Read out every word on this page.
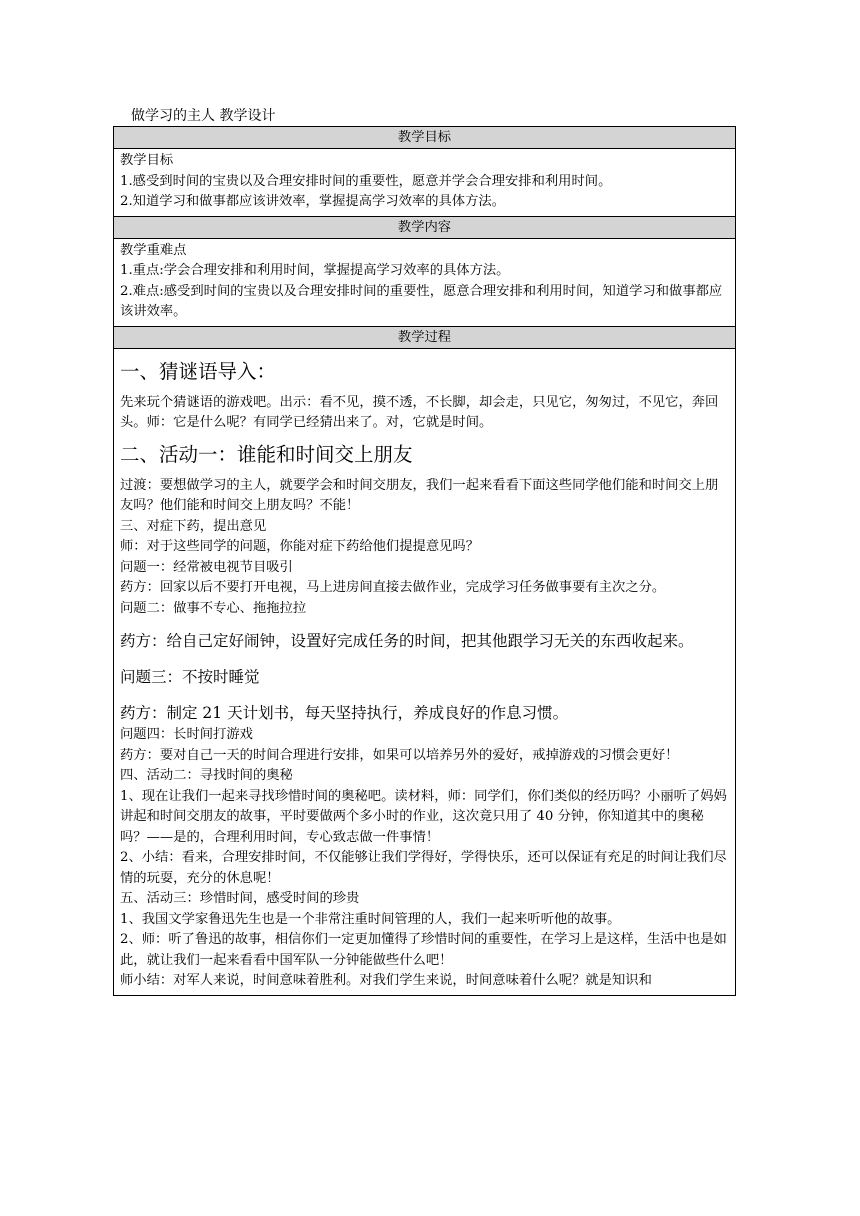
做学习的主人 教学设计
教学目标

教学目标

1.感受到时间的宝贵以及合理安排时间的重要性，愿意并学会合理安排和利用时间。

2.知道学习和做事都应该讲效率，掌握提高学习效率的具体方法。

教学内容

教学重难点

1.重点:学会合理安排和利用时间，掌握提高学习效率的具体方法。

2.难点:感受到时间的宝贵以及合理安排时间的重要性，愿意合理安排和利用时间，知道学习和做事都应该讲效率。

教学过程

一、猜谜语导入：

先来玩个猜谜语的游戏吧。出示：看不见，摸不透，不长脚，却会走，只见它，匆匆过，不见它，奔回头。师：它是什么呢？有同学已经猜出来了。对，它就是时间。

二、活动一：谁能和时间交上朋友

过渡：要想做学习的主人，就要学会和时间交朋友，我们一起来看看下面这些同学他们能和时间交上朋友吗？他们能和时间交上朋友吗？不能！

三、对症下药，提出意见

师：对于这些同学的问题，你能对症下药给他们提提意见吗？

问题一：经常被电视节目吸引

药方：回家以后不要打开电视，马上进房间直接去做作业，完成学习任务做事要有主次之分。

问题二：做事不专心、拖拖拉拉

药方：给自己定好闹钟，设置好完成任务的时间，把其他跟学习无关的东西收起来。

问题三：不按时睡觉

药方：制定 21 天计划书，每天坚持执行，养成良好的作息习惯。

问题四：长时间打游戏

药方：要对自己一天的时间合理进行安排，如果可以培养另外的爱好，戒掉游戏的习惯会更好！

四、活动二：寻找时间的奥秘

1、现在让我们一起来寻找珍惜时间的奥秘吧。读材料，师：同学们，你们类似的经历吗？小丽听了妈妈讲起和时间交朋友的故事，平时要做两个多小时的作业，这次竟只用了 40 分钟，你知道其中的奥秘吗？——是的，合理利用时间，专心致志做一件事情！

2、小结：看来，合理安排时间，不仅能够让我们学得好，学得快乐，还可以保证有充足的时间让我们尽情的玩耍，充分的休息呢！

五、活动三：珍惜时间，感受时间的珍贵

1、我国文学家鲁迅先生也是一个非常注重时间管理的人，我们一起来听听他的故事。

2、师：听了鲁迅的故事，相信你们一定更加懂得了珍惜时间的重要性，在学习上是这样，生活中也是如此，就让我们一起来看看中国军队一分钟能做些什么吧！

师小结：对军人来说，时间意味着胜利。对我们学生来说，时间意味着什么呢？就是知识和
